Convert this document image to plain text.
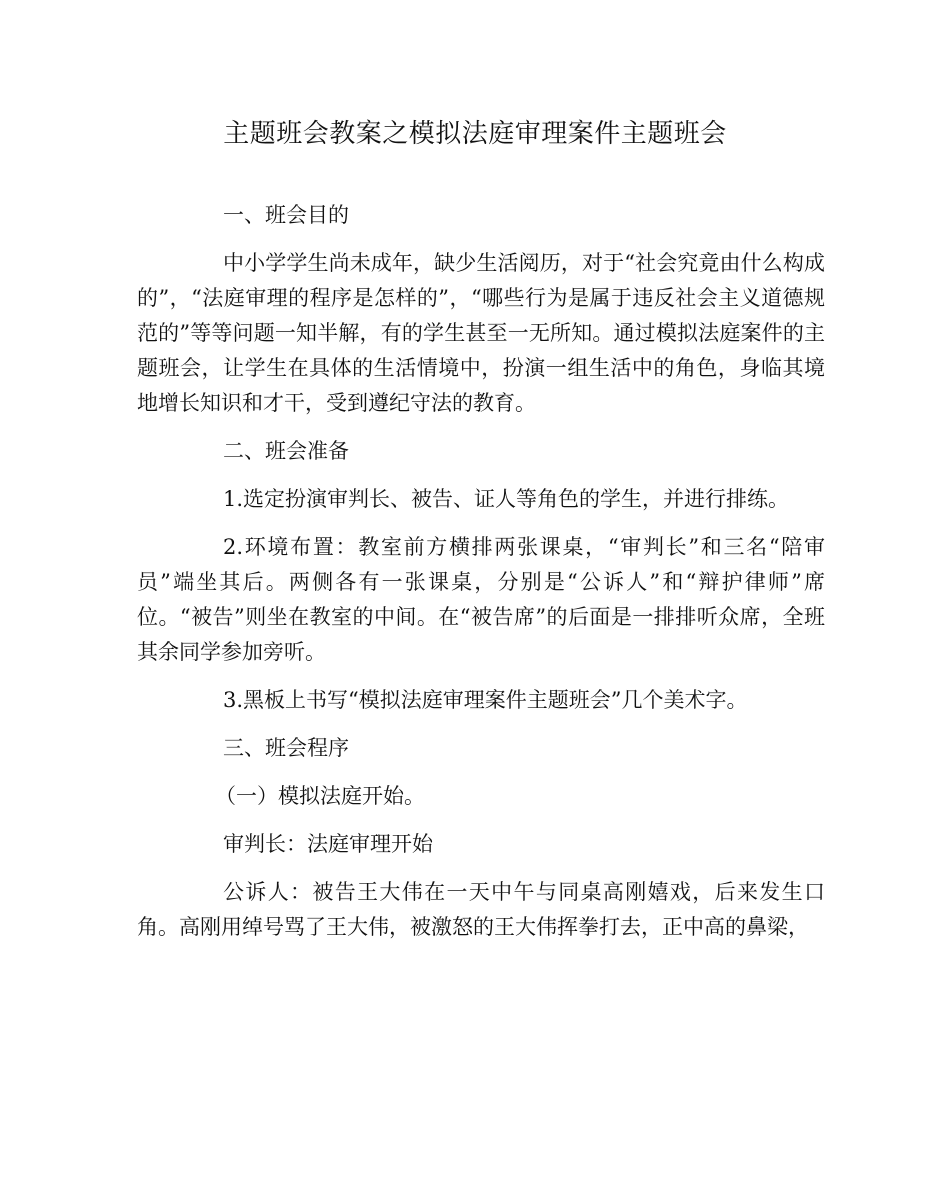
主题班会教案之模拟法庭审理案件主题班会

一、班会目的

中小学学生尚未成年，缺少生活阅历，对于“社会究竟由什么构成的”，“法庭审理的程序是怎样的”，“哪些行为是属于违反社会主义道德规范的”等等问题一知半解，有的学生甚至一无所知。通过模拟法庭案件的主题班会，让学生在具体的生活情境中，扮演一组生活中的角色，身临其境地增长知识和才干，受到遵纪守法的教育。

二、班会准备

1.选定扮演审判长、被告、证人等角色的学生，并进行排练。

2.环境布置：教室前方横排两张课桌，“审判长”和三名“陪审员”端坐其后。两侧各有一张课桌，分别是“公诉人”和“辩护律师”席位。“被告”则坐在教室的中间。在“被告席”的后面是一排排听众席，全班其余同学参加旁听。

3.黑板上书写“模拟法庭审理案件主题班会”几个美术字。

三、班会程序

（一）模拟法庭开始。

审判长：法庭审理开始

公诉人：被告王大伟在一天中午与同桌高刚嬉戏，后来发生口角。高刚用绰号骂了王大伟，被激怒的王大伟挥拳打去，正中高的鼻梁，
